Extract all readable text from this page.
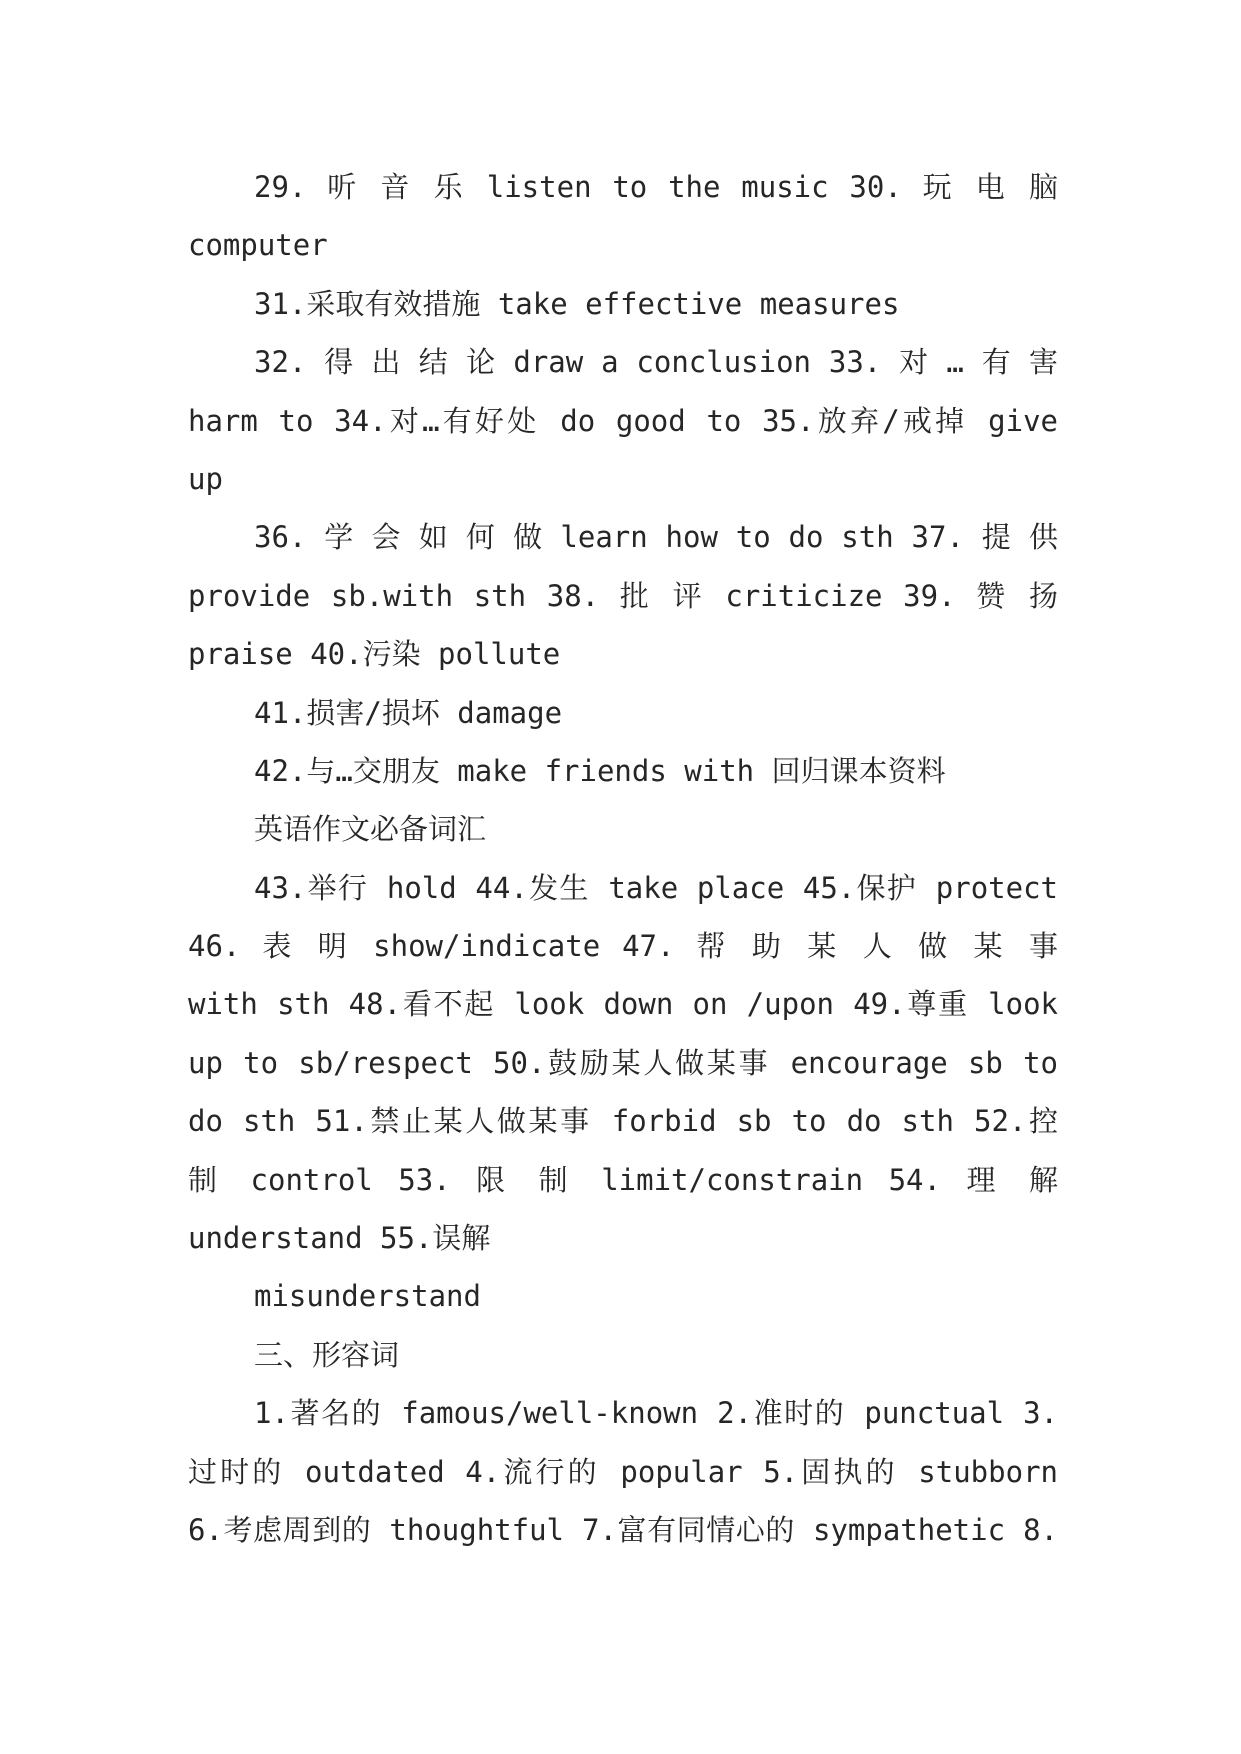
29. 听 音 乐 listen to the music 30. 玩 电 脑
computer
31.采取有效措施 take effective measures
32. 得 出 结 论 draw a conclusion 33. 对 … 有 害
harm to 34.对…有好处 do good to 35.放弃/戒掉 give
up
36. 学 会 如 何 做 learn how to do sth 37. 提 供
provide sb.with sth 38. 批 评 criticize 39. 赞 扬
praise 40.污染 pollute
41.损害/损坏 damage
42.与…交朋友 make friends with 回归课本资料
英语作文必备词汇
43.举行 hold 44.发生 take place 45.保护 protect
46. 表 明 show/indicate 47. 帮 助 某 人 做 某 事
with sth 48.看不起 look down on /upon 49.尊重 look
up to sb/respect 50.鼓励某人做某事 encourage sb to
do sth 51.禁止某人做某事 forbid sb to do sth 52.控
制 control 53. 限 制 limit/constrain 54. 理 解
understand 55.误解
misunderstand
三、形容词
1.著名的 famous/well-known 2.准时的 punctual 3.
过时的 outdated 4.流行的 popular 5.固执的 stubborn
6.考虑周到的 thoughtful 7.富有同情心的 sympathetic 8.
